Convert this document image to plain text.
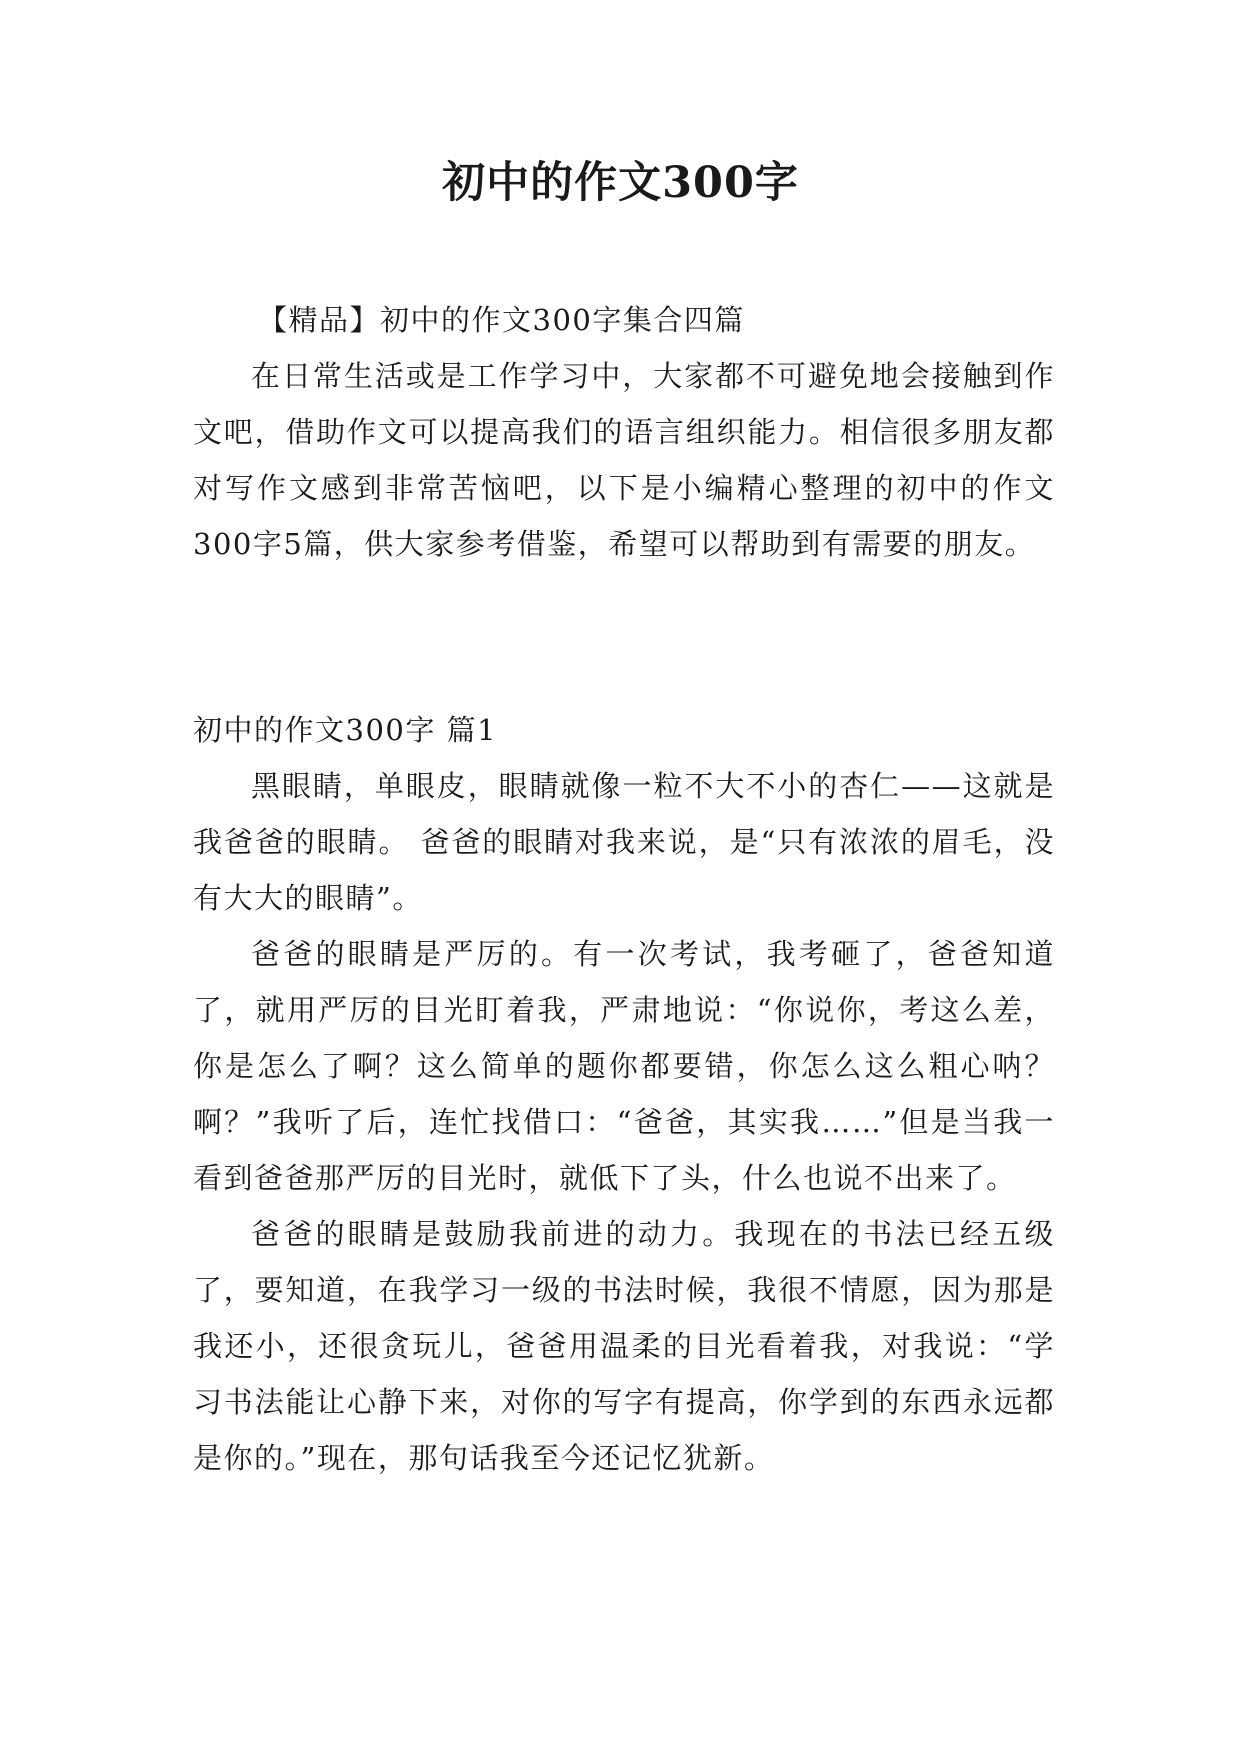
初中的作文300字
【精品】初中的作文300字集合四篇

在日常生活或是工作学习中，大家都不可避免地会接触到作文吧，借助作文可以提高我们的语言组织能力。相信很多朋友都对写作文感到非常苦恼吧，以下是小编精心整理的初中的作文300字5篇，供大家参考借鉴，希望可以帮助到有需要的朋友。

初中的作文300字 篇1

黑眼睛，单眼皮，眼睛就像一粒不大不小的杏仁——这就是我爸爸的眼睛。 爸爸的眼睛对我来说，是“只有浓浓的眉毛，没有大大的眼睛”。

爸爸的眼睛是严厉的。有一次考试，我考砸了，爸爸知道了，就用严厉的目光盯着我，严肃地说：“你说你，考这么差，你是怎么了啊？这么简单的题你都要错，你怎么这么粗心呐？啊？”我听了后，连忙找借口：“爸爸，其实我……”但是当我一看到爸爸那严厉的目光时，就低下了头，什么也说不出来了。

爸爸的眼睛是鼓励我前进的动力。我现在的书法已经五级了，要知道，在我学习一级的书法时候，我很不情愿，因为那是我还小，还很贪玩儿，爸爸用温柔的目光看着我，对我说：“学习书法能让心静下来，对你的写字有提高，你学到的东西永远都是你的。”现在，那句话我至今还记忆犹新。
